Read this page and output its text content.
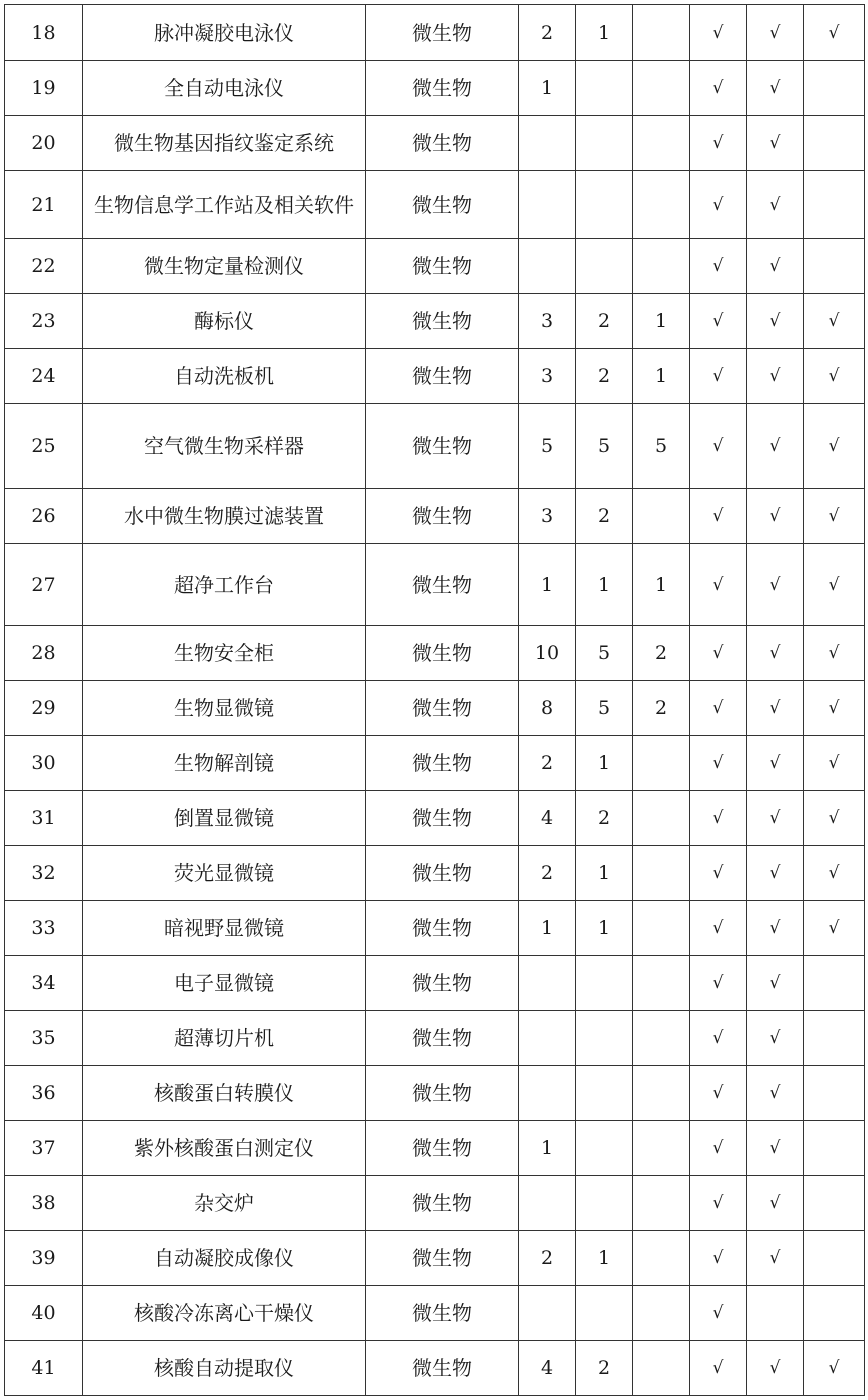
18	脉冲凝胶电泳仪	微生物	2	1		√	√	√
19	全自动电泳仪	微生物	1			√	√	
20	微生物基因指纹鉴定系统	微生物				√	√	
21	生物信息学工作站及相关软件	微生物				√	√	
22	微生物定量检测仪	微生物				√	√	
23	酶标仪	微生物	3	2	1	√	√	√
24	自动洗板机	微生物	3	2	1	√	√	√
25	空气微生物采样器	微生物	5	5	5	√	√	√
26	水中微生物膜过滤装置	微生物	3	2		√	√	√
27	超净工作台	微生物	1	1	1	√	√	√
28	生物安全柜	微生物	10	5	2	√	√	√
29	生物显微镜	微生物	8	5	2	√	√	√
30	生物解剖镜	微生物	2	1		√	√	√
31	倒置显微镜	微生物	4	2		√	√	√
32	荧光显微镜	微生物	2	1		√	√	√
33	暗视野显微镜	微生物	1	1		√	√	√
34	电子显微镜	微生物				√	√	
35	超薄切片机	微生物				√	√	
36	核酸蛋白转膜仪	微生物				√	√	
37	紫外核酸蛋白测定仪	微生物	1			√	√	
38	杂交炉	微生物				√	√	
39	自动凝胶成像仪	微生物	2	1		√	√	
40	核酸冷冻离心干燥仪	微生物				√		
41	核酸自动提取仪	微生物	4	2		√	√	√
